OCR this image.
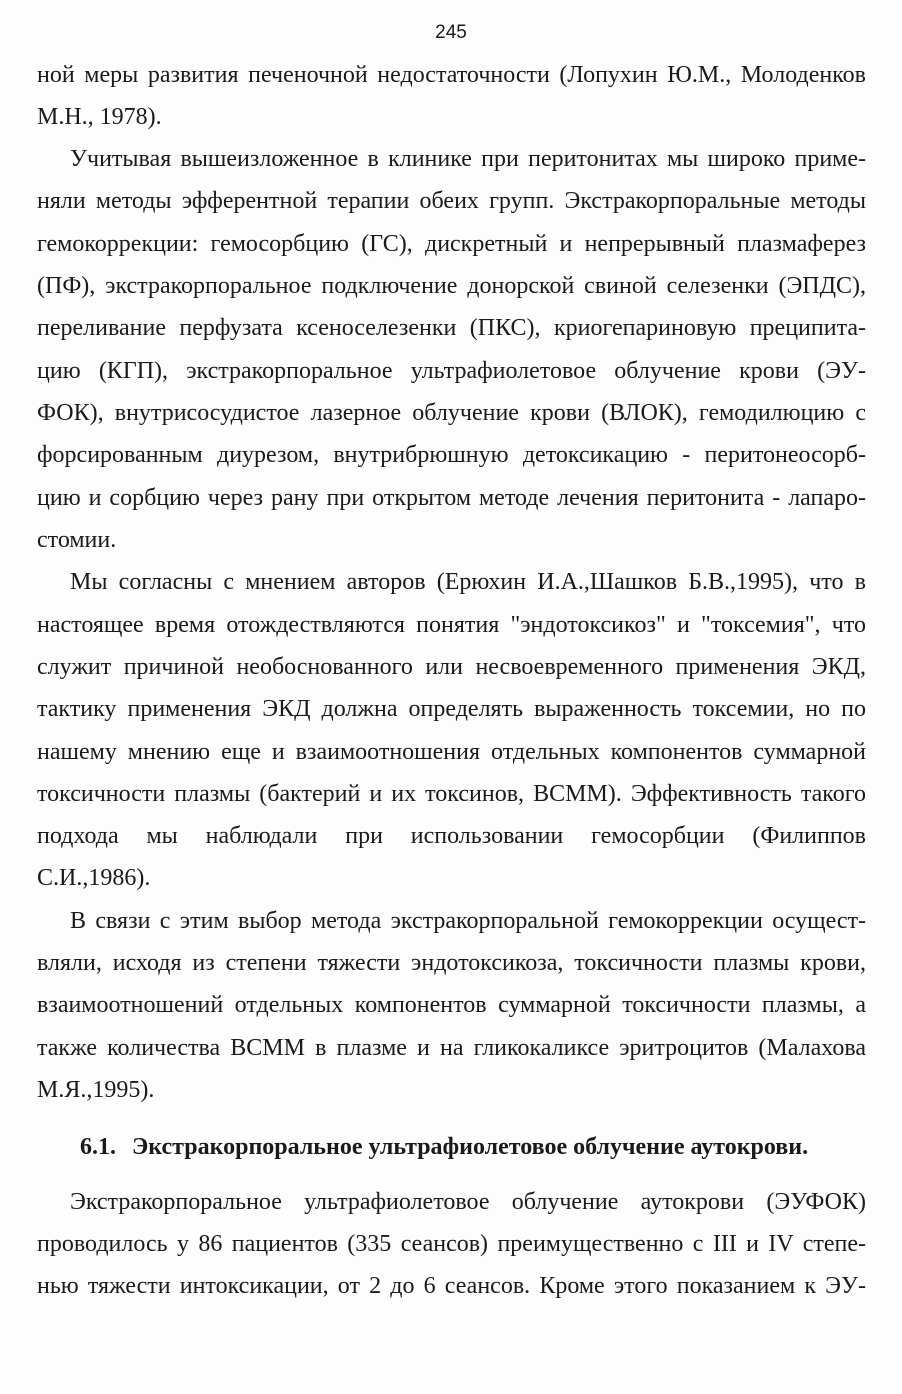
245
ной меры развития печеночной недостаточности (Лопухин Ю.М., Молоденков
М.Н., 1978).
Учитывая вышеизложенное в клинике при перитонитах мы широко приме-
няли методы эфферентной терапии обеих групп. Экстракорпоральные методы
гемокоррекции: гемосорбцию (ГС), дискретный и непрерывный плазмаферез
(ПФ), экстракорпоральное подключение донорской свиной селезенки (ЭПДС),
переливание перфузата ксеноселезенки (ПКС), криогепариновую преципита-
цию (КГП), экстракорпоральное ультрафиолетовое облучение крови (ЭУ-
ФОК), внутрисосудистое лазерное облучение крови (ВЛОК), гемодилюцию с
форсированным диурезом, внутрибрюшную детоксикацию - перитонеосорб-
цию и сорбцию через рану при открытом методе лечения перитонита - лапаро-
стомии.
Мы согласны с мнением авторов (Ерюхин И.А.,Шашков Б.В.,1995), что в
настоящее время отождествляются понятия "эндотоксикоз" и "токсемия", что
служит причиной необоснованного или несвоевременного применения ЭКД,
тактику применения ЭКД должна определять выраженность токсемии, но по
нашему мнению еще и взаимоотношения отдельных компонентов суммарной
токсичности плазмы (бактерий и их токсинов, ВСММ). Эффективность такого
подхода мы наблюдали при использовании гемосорбции (Филиппов
С.И.,1986).
В связи с этим выбор метода экстракорпоральной гемокоррекции осущест-
вляли, исходя из степени тяжести эндотоксикоза, токсичности плазмы крови,
взаимоотношений отдельных компонентов суммарной токсичности плазмы, а
также количества ВСММ в плазме и на гликокаликсе эритроцитов (Малахова
М.Я.,1995).
Экстракорпоральное ультрафиолетовое облучение аутокрови (ЭУФОК)
проводилось у 86 пациентов (335 сеансов) преимущественно с III и IV степе-
нью тяжести интоксикации, от 2 до 6 сеансов. Кроме этого показанием к ЭУ-
6.1. Экстракорпоральное ультрафиолетовое облучение аутокрови.
